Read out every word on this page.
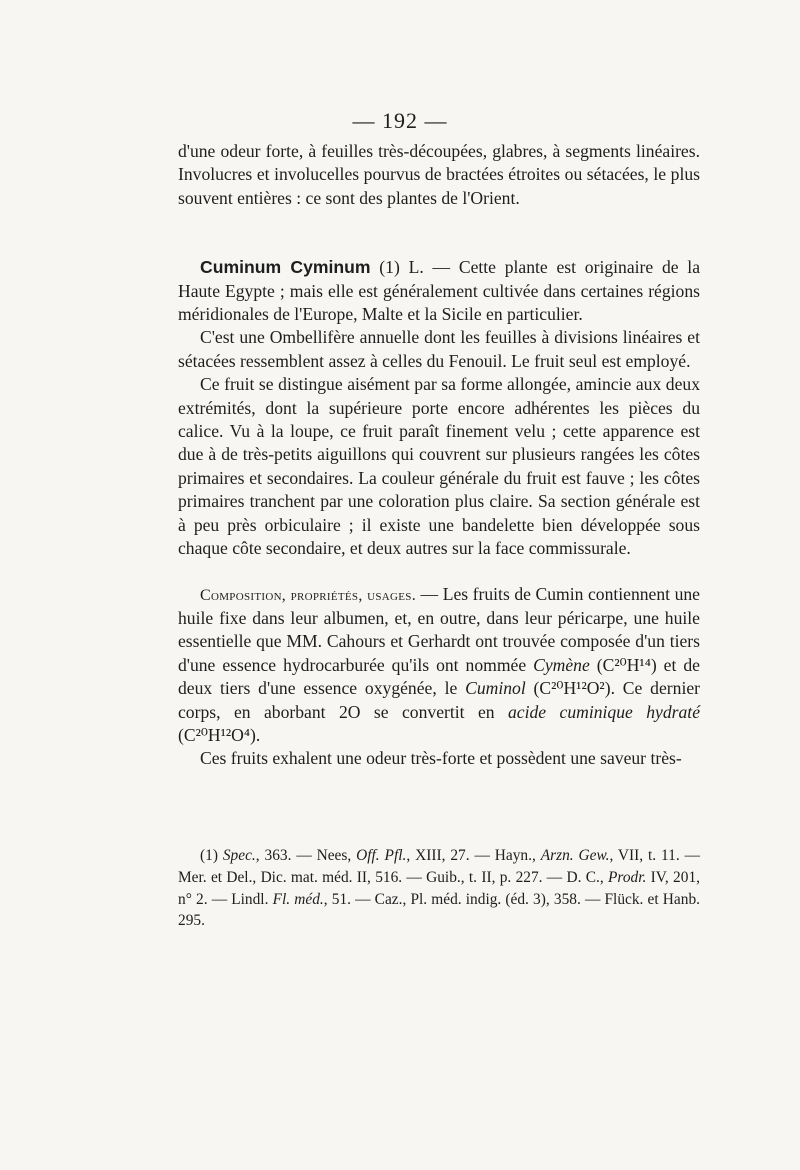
— 192 —

d'une odeur forte, à feuilles très-découpées, glabres, à segments linéaires. Involucres et involucelles pourvus de bractées étroites ou sétacées, le plus souvent entières : ce sont des plantes de l'Orient.

Cuminum Cyminum (1) L. — Cette plante est originaire de la Haute Egypte ; mais elle est généralement cultivée dans certaines régions méridionales de l'Europe, Malte et la Sicile en particulier.

C'est une Ombellifère annuelle dont les feuilles à divisions linéaires et sétacées ressemblent assez à celles du Fenouil. Le fruit seul est employé.

Ce fruit se distingue aisément par sa forme allongée, amincie aux deux extrémités, dont la supérieure porte encore adhérentes les pièces du calice. Vu à la loupe, ce fruit paraît finement velu ; cette apparence est due à de très-petits aiguillons qui couvrent sur plusieurs rangées les côtes primaires et secondaires. La couleur générale du fruit est fauve ; les côtes primaires tranchent par une coloration plus claire. Sa section générale est à peu près orbiculaire ; il existe une bandelette bien développée sous chaque côte secondaire, et deux autres sur la face commissurale.

Composition, propriétés, usages. — Les fruits de Cumin contiennent une huile fixe dans leur albumen, et, en outre, dans leur péricarpe, une huile essentielle que MM. Cahours et Gerhardt ont trouvée composée d'un tiers d'une essence hydrocarburée qu'ils ont nommée Cymène (C²⁰H¹⁴) et de deux tiers d'une essence oxygénée, le Cuminol (C²⁰H¹²O²). Ce dernier corps, en aborbant 2O se convertit en acide cuminique hydraté (C²⁰H¹²O⁴).

Ces fruits exhalent une odeur très-forte et possèdent une saveur très-

(1) Spec., 363. — Nees, Off. Pfl., XIII, 27. — Hayn., Arzn. Gew., VII, t. 11. — Mer. et Del., Dic. mat. méd. II, 516. — Guib., t. II, p. 227. — D. C., Prodr. IV, 201, n° 2. — Lindl. Fl. méd., 51. — Caz., Pl. méd. indig. (éd. 3), 358. — Flück. et Hanb. 295.
